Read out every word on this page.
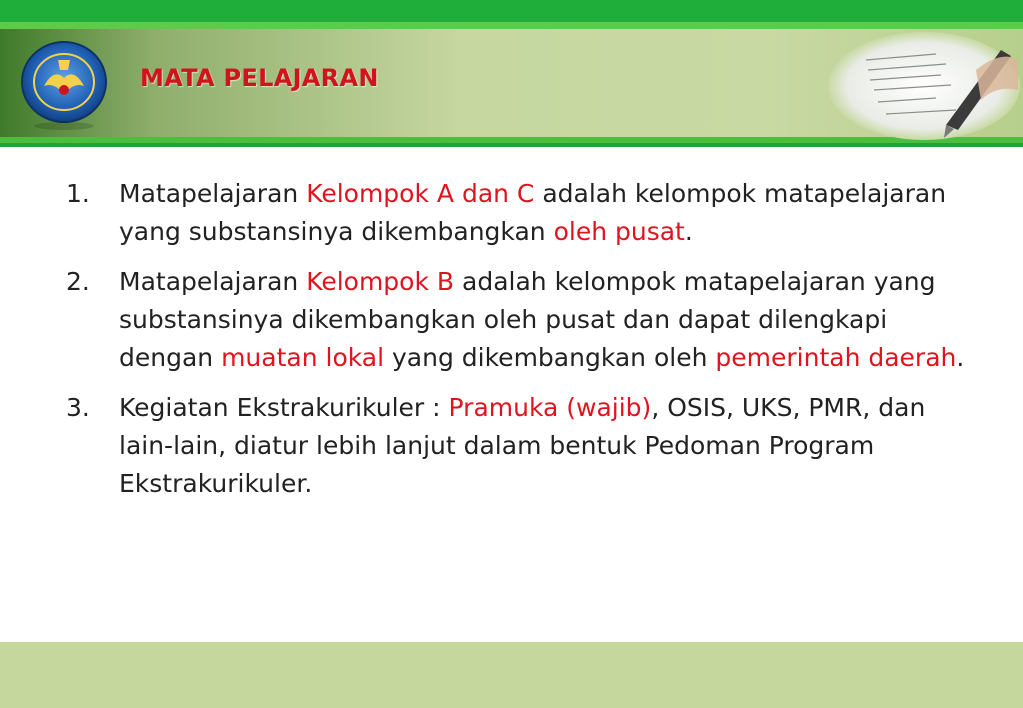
MATA PELAJARAN
1. Matapelajaran Kelompok A dan C adalah kelompok matapelajaran yang substansinya dikembangkan oleh pusat.
2. Matapelajaran Kelompok B adalah kelompok matapelajaran yang substansinya dikembangkan oleh pusat dan dapat dilengkapi dengan muatan lokal yang dikembangkan oleh pemerintah daerah.
3. Kegiatan Ekstrakurikuler : Pramuka (wajib), OSIS, UKS, PMR, dan lain-lain, diatur lebih lanjut dalam bentuk Pedoman Program Ekstrakurikuler.
